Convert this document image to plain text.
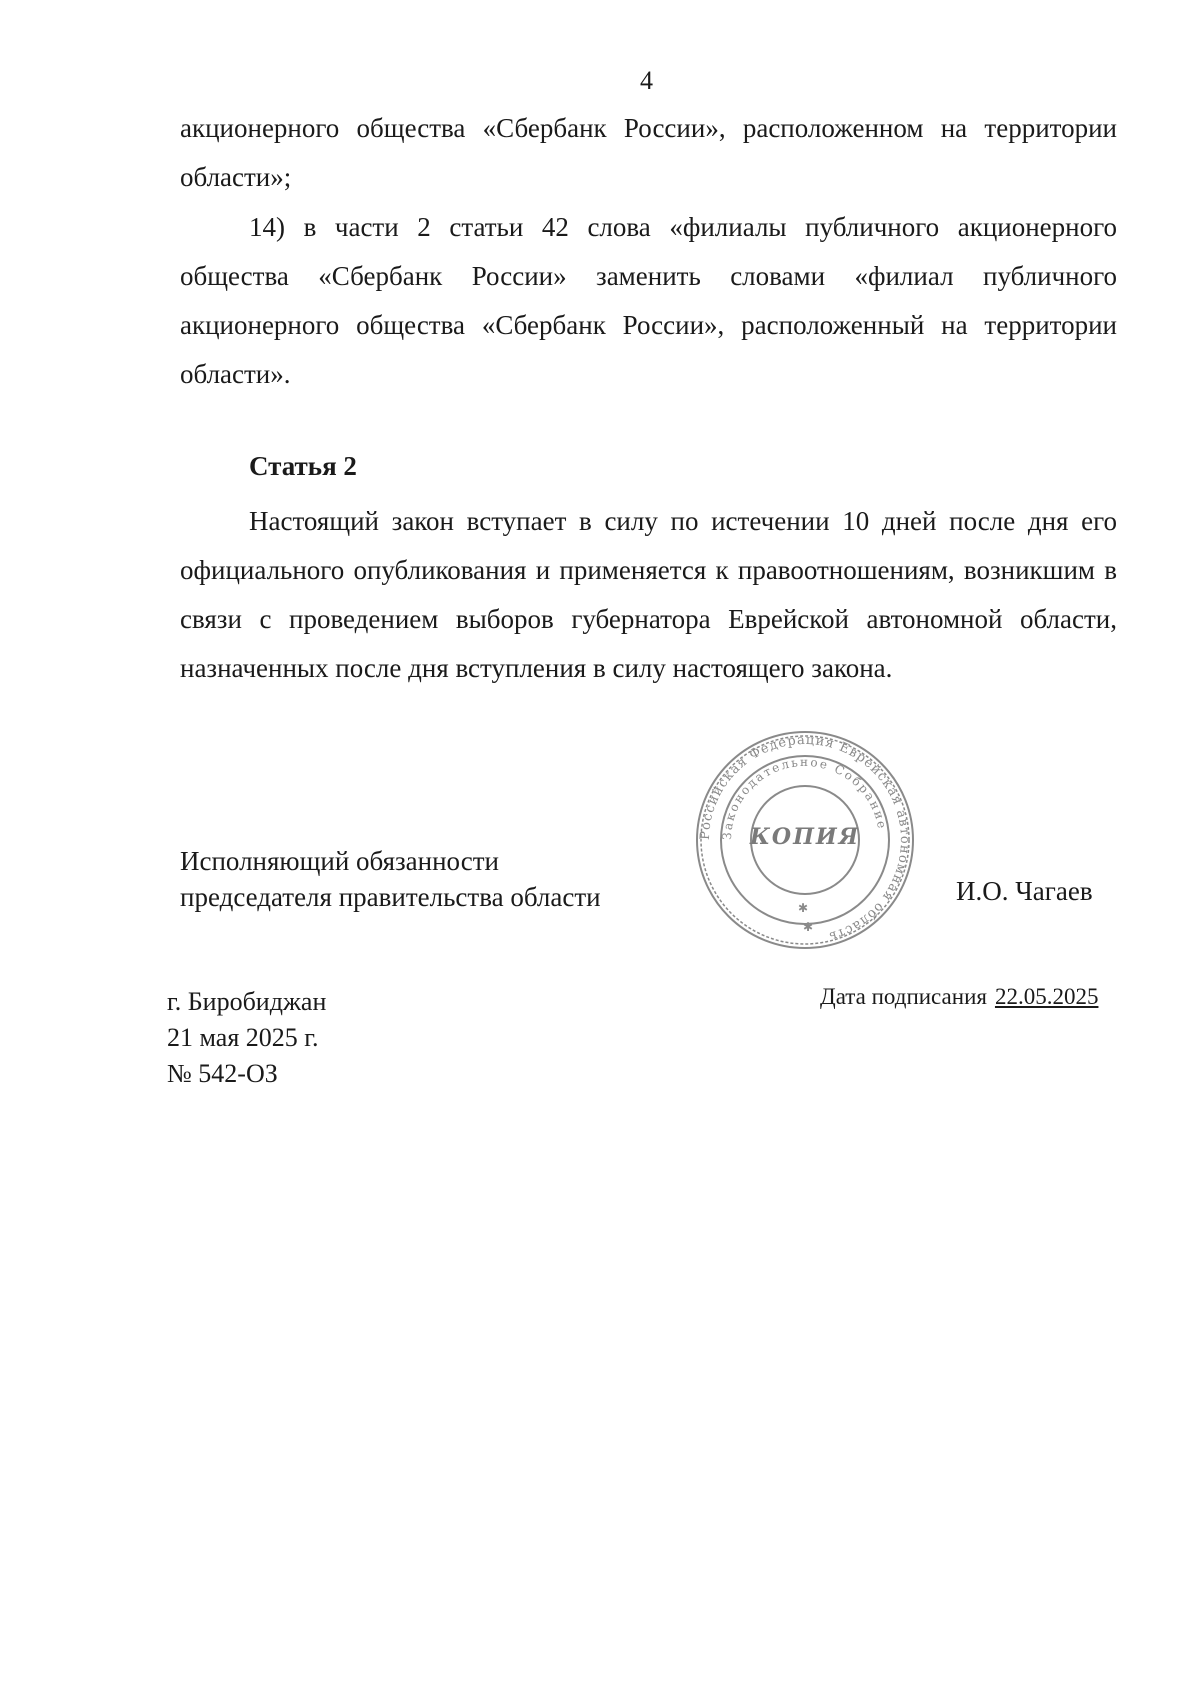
4

акционерного общества «Сбербанк России», расположенном на территории области»;

14) в части 2 статьи 42 слова «филиалы публичного акционерного общества «Сбербанк России» заменить словами «филиал публичного акционерного общества «Сбербанк России», расположенный на территории области».

Статья 2

Настоящий закон вступает в силу по истечении 10 дней после дня его официального опубликования и применяется к правоотношениям, возникшим в связи с проведением выборов губернатора Еврейской автономной области, назначенных после дня вступления в силу настоящего закона.

Российская Федерация Еврейская автономная область
Законодательное Собрание
КОПИЯ
✱
✱
Исполняющий обязанности
председателя правительства области	И.О. Чагаев
г. Биробиджан
21 мая 2025 г.
№ 542-ОЗ
Дата подписания 22.05.2025
